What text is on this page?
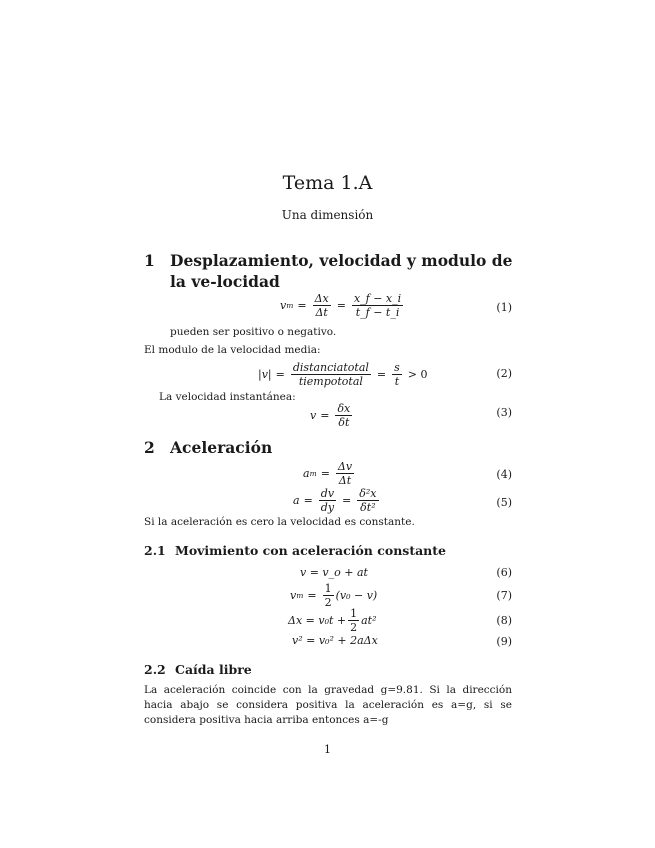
Tema 1.A
Una dimensión
1 Desplazamiento, velocidad y modulo de la ve-locidad
v $m = \frac{\Delta x}{\Delta t} = \frac{x\_f - x\_i}{t\_f - t\_i}$	(1)
pueden ser positivo o negativo.
El modulo de la velocidad media:
$|v| = \frac{\text{distanciatotal}}{\text{tiempototal}} = \frac{s}{t} > 0$	(2)
La velocidad instantánea:
$v = \frac{\delta x}{\delta t}$	(3)
2 Aceleración
a $m = \frac{\Delta v}{\Delta t}$	(4)
$a = \frac{dv}{dy} = \frac{\text{δ²x}}{\text{δt²}}$	(5)
Si la aceleración es cero la velocidad es constante.
2.1 Movimiento con aceleración constante
v = v_o + at	(6)
v $m = \frac{1}{2} (v_0 - v)$	(7)
$\Delta x = v_0t + \frac{1}{2} at^2$	(8)
v² = v₀² + 2aΔx	(9)
2.2 Caída libre
La aceleración coincide con la gravedad g=9.81. Si la dirección hacia abajo se considera positiva la aceleración es a=g, si se considera positiva hacia arriba entonces a=-g
1
